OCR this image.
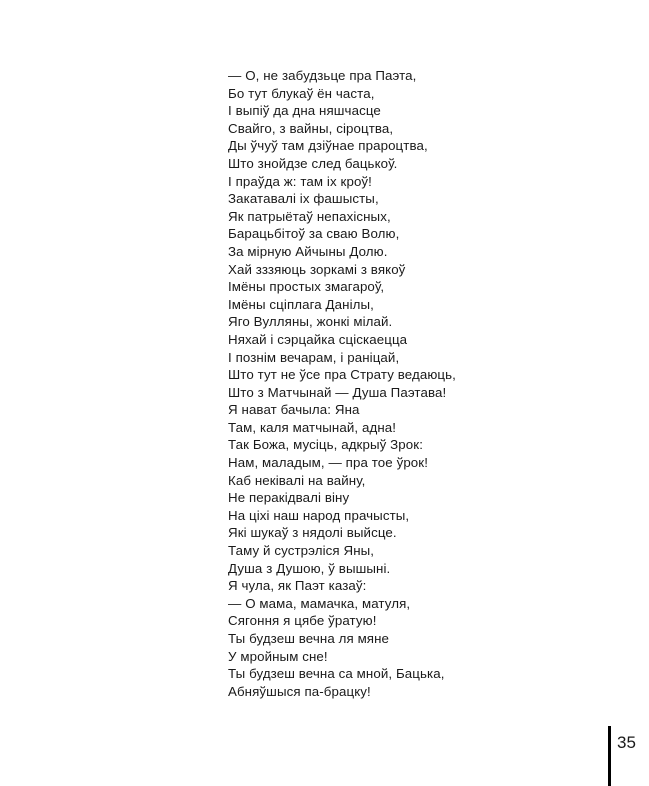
— О, не забудзьце пра Паэта,
Бо тут блукаў ён часта,
І выпіў да дна няшчасце
Свайго, з вайны, сіроцтва,
Ды ўчуў там дзіўнае прароцтва,
Што знойдзе след бацькоў.
І праўда ж: там іх кроў!
Закатавалі іх фашысты,
Як патрыётаў непахісных,
Барацьбітоў за сваю Волю,
За мірную Айчыны Долю.
Хай зззяюць зоркамі з вякоў
Імёны простых змагароў,
Імёны сціплага Данілы,
Яго Вулляны, жонкі мілай.
Няхай і сэрцайка сціскаецца
І познім вечарам, і раніцай,
Што тут не ўсе пра Страту ведаюць,
Што з Матчынай — Душа Паэтава!
Я нават бачыла: Яна
Там, каля матчынай, адна!
Так Божа, мусіць, адкрыў Зрок:
Нам, маладым, — пра тое ўрок!
Каб неківалі на вайну,
Не перакідвалі віну
На ціхі наш народ прачысты,
Які шукаў з нядолі выйсце.
Таму й сустрэліся Яны,
Душа з Душою, ў вышыні.
Я чула, як Паэт казаў:
— О мама, мамачка, матуля,
Сягоння я цябе ўратую!
Ты будзеш вечна ля мяне
У мройным сне!
Ты будзеш вечна са мной, Бацька,
Абняўшыся па-брацку!
35
